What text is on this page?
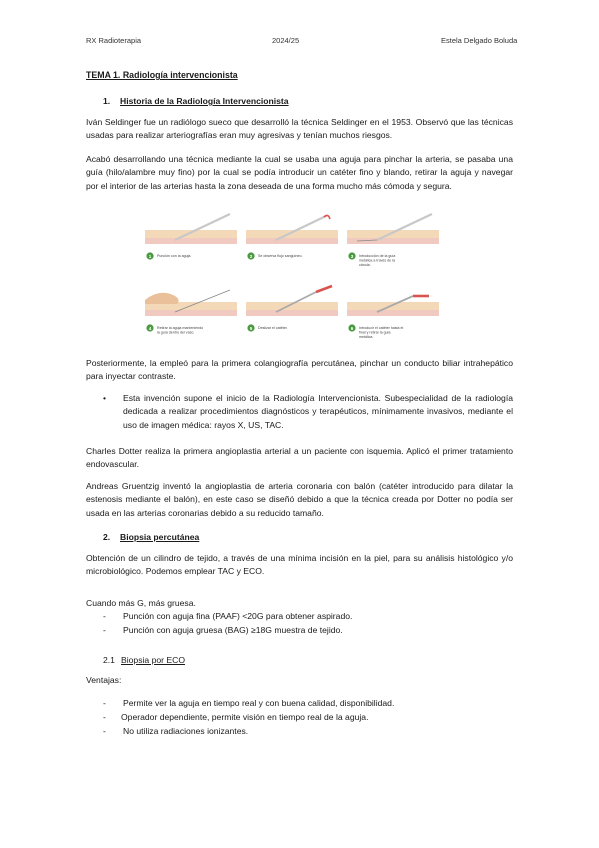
RX Radioterapia	2024/25	Estela Delgado Boluda
TEMA 1. Radiología intervencionista
1. Historia de la Radiología Intervencionista
Iván Seldinger fue un radiólogo sueco que desarrolló la técnica Seldinger en el 1953. Observó que las técnicas usadas para realizar arteriografías eran muy agresivas y tenían muchos riesgos.
Acabó desarrollando una técnica mediante la cual se usaba una aguja para pinchar la arteria, se pasaba una guía (hilo/alambre muy fino) por la cual se podía introducir un catéter fino y blando, retirar la aguja y navegar por el interior de las arterias hasta la zona deseada de una forma mucho más cómoda y segura.
1 Punción con la aguja.	2 Se observa flujo sanguíneo.	3 Introducción de la guía
metálica a través de la
cánula.
4 Retirar la aguja manteniendo
la guía dentro del vaso.
5 Deslizar el catéter.	6 Introducir el catéter hasta el
final y retirar la guía
metálica.
Posteriormente, la empleó para la primera colangiografía percutánea, pinchar un conducto biliar intrahepático para inyectar contraste.
• Esta invención supone el inicio de la Radiología Intervencionista. Subespecialidad de la radiología dedicada a realizar procedimientos diagnósticos y terapéuticos, mínimamente invasivos, mediante el uso de imagen médica: rayos X, US, TAC.
Charles Dotter realiza la primera angioplastia arterial a un paciente con isquemia. Aplicó el primer tratamiento endovascular.
Andreas Gruentzig inventó la angioplastia de arteria coronaria con balón (catéter introducido para dilatar la estenosis mediante el balón), en este caso se diseñó debido a que la técnica creada por Dotter no podía ser usada en las arterias coronarias debido a su reducido tamaño.
2. Biopsia percutánea
Obtención de un cilindro de tejido, a través de una mínima incisión en la piel, para su análisis histológico y/o microbiológico. Podemos emplear TAC y ECO.
Cuando más G, más gruesa.
- Punción con aguja fina (PAAF) <20G para obtener aspirado.
- Punción con aguja gruesa (BAG) ≥18G muestra de tejido.
2.1 Biopsia por ECO
Ventajas:
- Permite ver la aguja en tiempo real y con buena calidad, disponibilidad.
- Operador dependiente, permite visión en tiempo real de la aguja.
- No utiliza radiaciones ionizantes.
